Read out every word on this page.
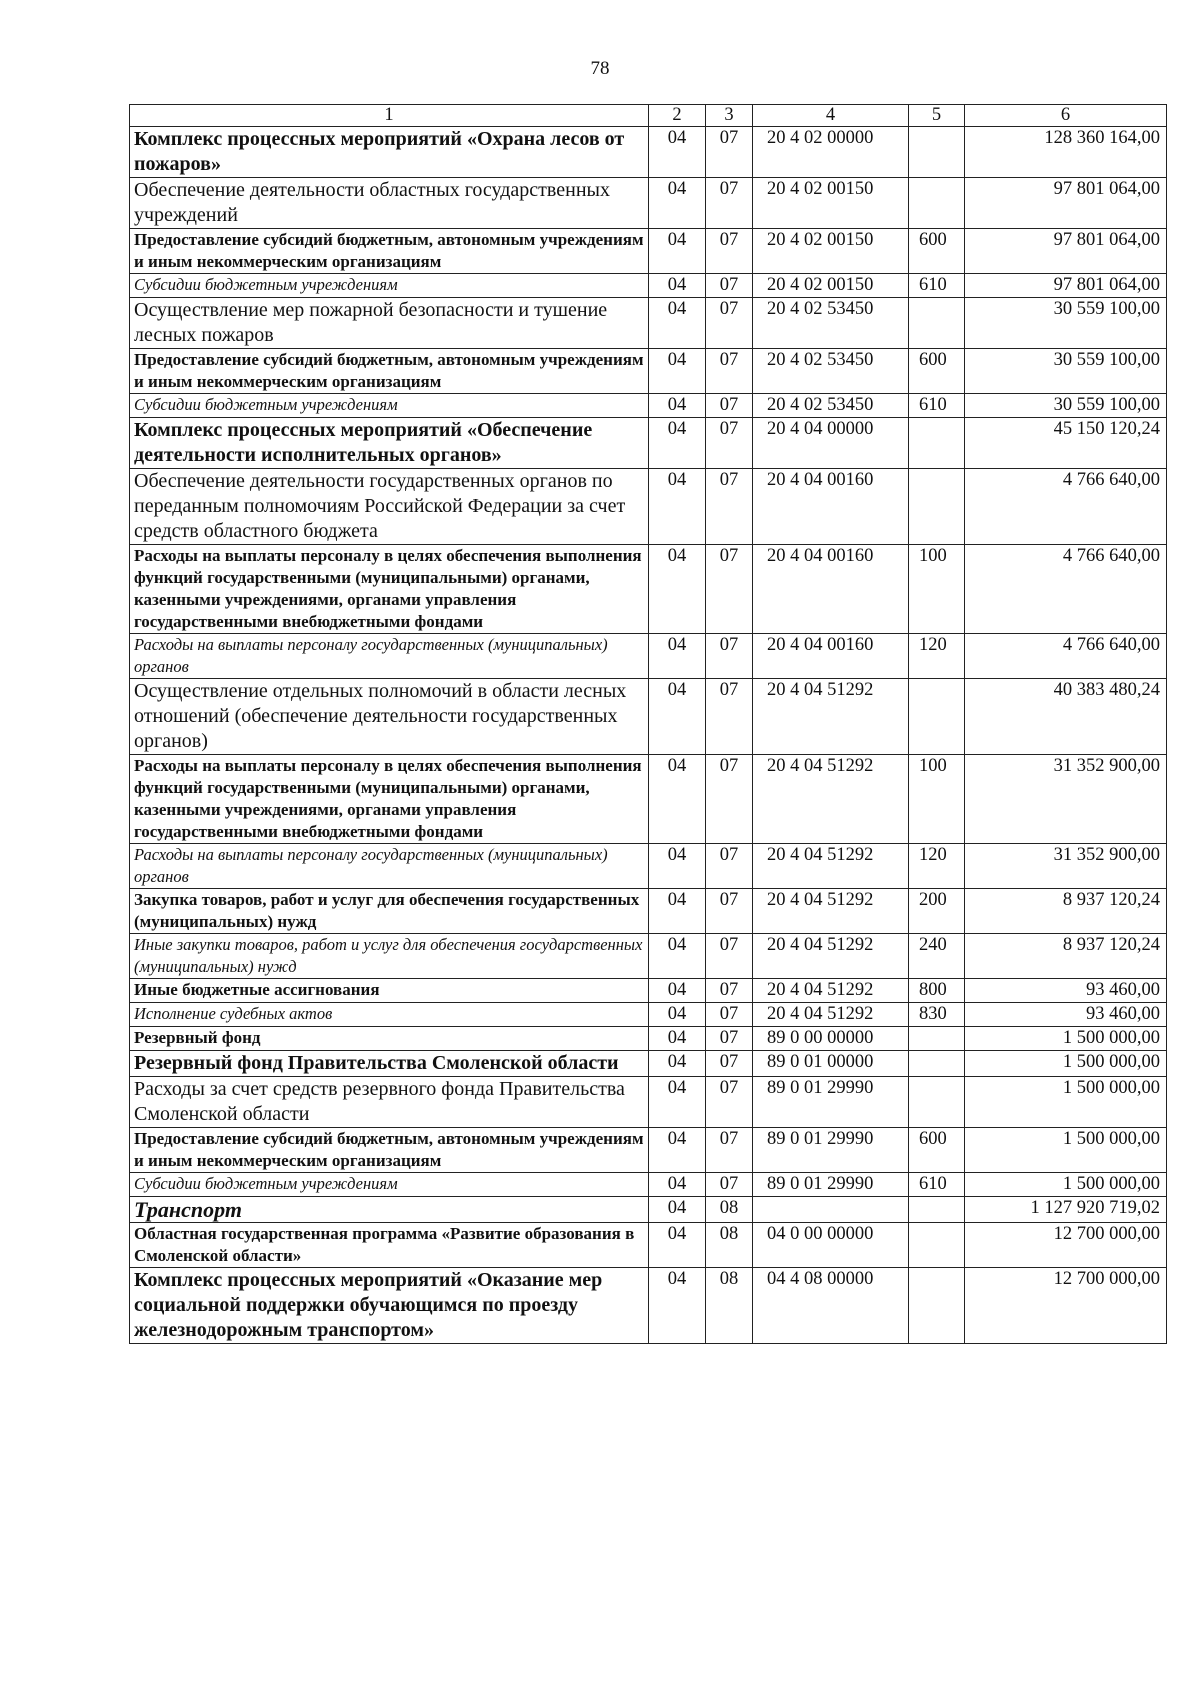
78
1	2	3	4	5	6
Комплекс процессных мероприятий «Охрана лесов от пожаров»	04	07	20 4 02 00000		128 360 164,00
Обеспечение деятельности областных государственных учреждений	04	07	20 4 02 00150		97 801 064,00
Предоставление субсидий бюджетным, автономным учреждениям и иным некоммерческим организациям	04	07	20 4 02 00150	600	97 801 064,00
Субсидии бюджетным учреждениям	04	07	20 4 02 00150	610	97 801 064,00
Осуществление мер пожарной безопасности и тушение лесных пожаров	04	07	20 4 02 53450		30 559 100,00
Предоставление субсидий бюджетным, автономным учреждениям и иным некоммерческим организациям	04	07	20 4 02 53450	600	30 559 100,00
Субсидии бюджетным учреждениям	04	07	20 4 02 53450	610	30 559 100,00
Комплекс процессных мероприятий «Обеспечение деятельности исполнительных органов»	04	07	20 4 04 00000		45 150 120,24
Обеспечение деятельности государственных органов по переданным полномочиям Российской Федерации за счет средств областного бюджета	04	07	20 4 04 00160		4 766 640,00
Расходы на выплаты персоналу в целях обеспечения выполнения функций государственными (муниципальными) органами, казенными учреждениями, органами управления государственными внебюджетными фондами	04	07	20 4 04 00160	100	4 766 640,00
Расходы на выплаты персоналу государственных (муниципальных) органов	04	07	20 4 04 00160	120	4 766 640,00
Осуществление отдельных полномочий в области лесных отношений (обеспечение деятельности государственных органов)	04	07	20 4 04 51292		40 383 480,24
Расходы на выплаты персоналу в целях обеспечения выполнения функций государственными (муниципальными) органами, казенными учреждениями, органами управления государственными внебюджетными фондами	04	07	20 4 04 51292	100	31 352 900,00
Расходы на выплаты персоналу государственных (муниципальных) органов	04	07	20 4 04 51292	120	31 352 900,00
Закупка товаров, работ и услуг для обеспечения государственных (муниципальных) нужд	04	07	20 4 04 51292	200	8 937 120,24
Иные закупки товаров, работ и услуг для обеспечения государственных (муниципальных) нужд	04	07	20 4 04 51292	240	8 937 120,24
Иные бюджетные ассигнования	04	07	20 4 04 51292	800	93 460,00
Исполнение судебных актов	04	07	20 4 04 51292	830	93 460,00
Резервный фонд	04	07	89 0 00 00000		1 500 000,00
Резервный фонд Правительства Смоленской области	04	07	89 0 01 00000		1 500 000,00
Расходы за счет средств резервного фонда Правительства Смоленской области	04	07	89 0 01 29990		1 500 000,00
Предоставление субсидий бюджетным, автономным учреждениям и иным некоммерческим организациям	04	07	89 0 01 29990	600	1 500 000,00
Субсидии бюджетным учреждениям	04	07	89 0 01 29990	610	1 500 000,00
Транспорт	04	08			1 127 920 719,02
Областная государственная программа «Развитие образования в Смоленской области»	04	08	04 0 00 00000		12 700 000,00
Комплекс процессных мероприятий «Оказание мер социальной поддержки обучающимся по проезду железнодорожным транспортом»	04	08	04 4 08 00000		12 700 000,00
